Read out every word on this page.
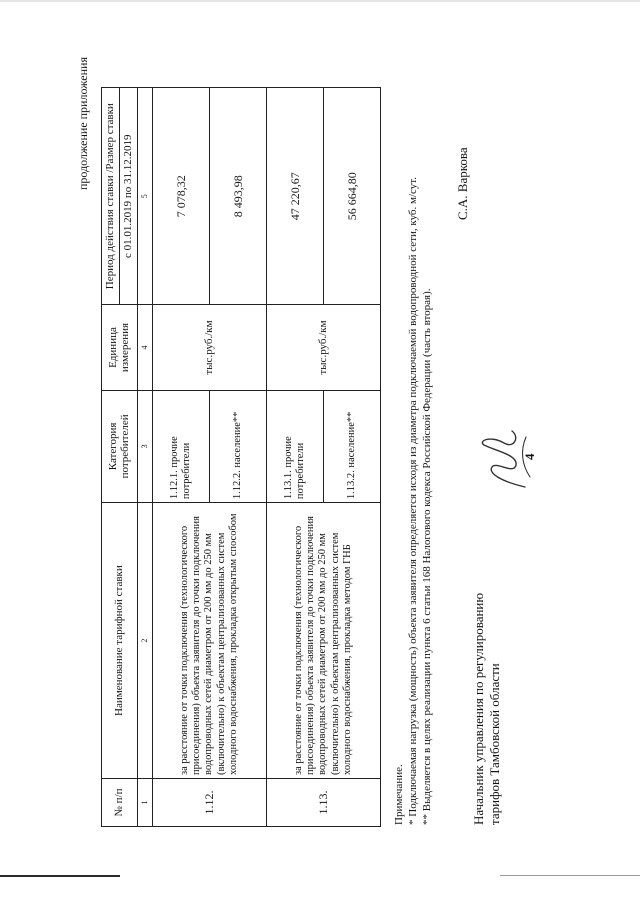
4
продолжение приложения
№ п/п	Наименование тарифной ставки	Категория потребителей	Единица измерения	Период действия ставки /Размер ставки
				с 01.01.2019 по 31.12.2019
1	2	3	4	5
1.12.	за расстояние от точки подключения (технологического присоединения) объекта заявителя до точки подключения водопроводных сетей диаметром от 200 мм до 250 мм (включительно) к объектам централизованных систем холодного водоснабжения, прокладка открытым способом	1.12.1. прочие потребители	тыс.руб./км	7 078,32
		1.12.2. население**		8 493,98
1.13.	за расстояние от точки подключения (технологического присоединения) объекта заявителя до точки подключения водопроводных сетей диаметром от 200 мм до 250 мм (включительно) к объектам централизованных систем холодного водоснабжения, прокладка методом ГНБ	1.13.1. прочие потребители	тыс.руб./км	47 220,67
		1.13.2. население**		56 664,80
Примечание. * Подключаемая нагрузка (мощность) объекта заявителя определяется исходя из диаметра подключаемой водопроводной сети, куб. м/сут. ** Выделяется в целях реализации пункта 6 статьи 168 Налогового кодекса Российской Федерации (часть вторая).	Начальник управления по регулированию тарифов Тамбовской области
С.А. Варкова
